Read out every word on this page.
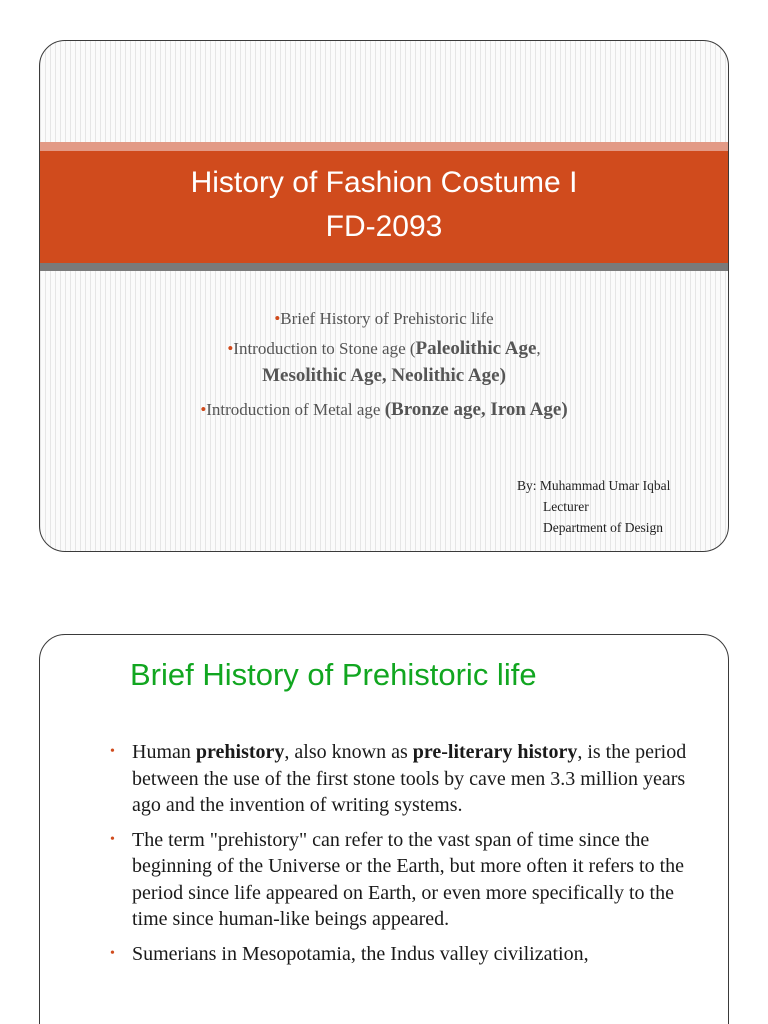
History of Fashion Costume I
FD-2093
•Brief History of Prehistoric life
•Introduction to Stone age (Paleolithic Age,
Mesolithic Age, Neolithic Age)
•Introduction of Metal age (Bronze age, Iron Age)
By: Muhammad Umar Iqbal
Lecturer
Department of Design
Brief History of Prehistoric life
• Human prehistory, also known as pre-literary history, is the period between the use of the first stone tools by cave men 3.3 million years ago and the invention of writing systems.
• The term "prehistory" can refer to the vast span of time since the beginning of the Universe or the Earth, but more often it refers to the period since life appeared on Earth, or even more specifically to the time since human-like beings appeared.
• Sumerians in Mesopotamia, the Indus valley civilization,
